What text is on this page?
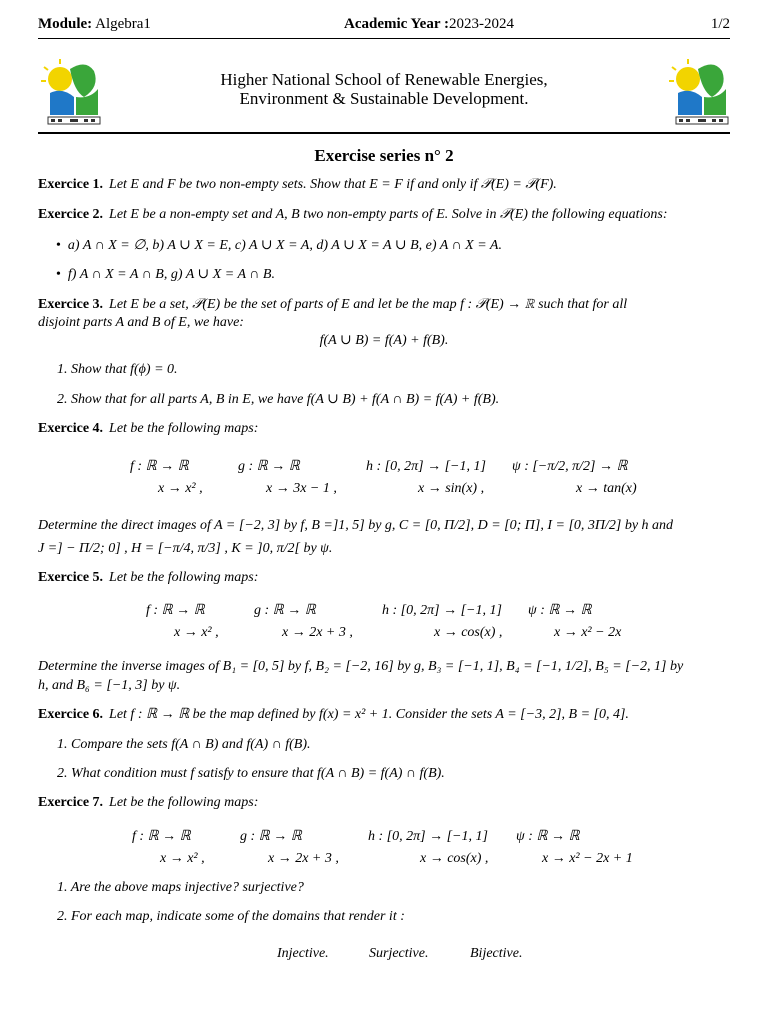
Module: Algebra1	Academic Year :2023-2024	1/2
Higher National School of Renewable Energies,
Environment & Sustainable Development.
Exercise series n° 2
Exercice 1. Let E and F be two non-empty sets. Show that E = F if and only if 𝒫(E) = 𝒫(F).
Exercice 2. Let E be a non-empty set and A, B two non-empty parts of E. Solve in 𝒫(E) the following equations:
•  a) A ∩ X = ∅, b) A ∪ X = E, c) A ∪ X = A, d) A ∪ X = A ∪ B, e) A ∩ X = A.
•  f) A ∩ X = A ∩ B, g) A ∪ X = A ∩ B.
Exercice 3. Let E be a set, 𝒫(E) be the set of parts of E and let be the map f : 𝒫(E) → ℝ such that for all
disjoint parts A and B of E, we have:
f(A ∪ B) = f(A) + f(B).
1. Show that f(ϕ) = 0.
2. Show that for all parts A, B in E, we have f(A ∪ B) + f(A ∩ B) = f(A) + f(B).
Exercice 4. Let be the following maps:
f : ℝ → ℝ
x → x² ,
g : ℝ → ℝ
x → 3x − 1 ,
h : [0, 2π] → [−1, 1]
x → sin(x) ,
ψ : [−π/2, π/2] → ℝ
x → tan(x)
Determine the direct images of A = [−2, 3] by f, B =]1, 5] by g, C = [0, Π/2], D = [0; Π], I = [0, 3Π/2] by h and
J =] − Π/2; 0] , H = [−π/4, π/3] , K = ]0, π/2[ by ψ.
Exercice 5. Let be the following maps:
f : ℝ → ℝ
x → x² ,
g : ℝ → ℝ
x → 2x + 3 ,
h : [0, 2π] → [−1, 1]
x → cos(x) ,
ψ : ℝ → ℝ
x → x² − 2x
Determine the inverse images of B₁ = [0, 5] by f, B₂ = [−2, 16] by g, B₃ = [−1, 1], B₄ = [−1, 1/2], B₅ = [−2, 1] by
h, and B₆ = [−1, 3] by ψ.
Exercice 6. Let f : ℝ → ℝ be the map defined by f(x) = x² + 1. Consider the sets A = [−3, 2], B = [0, 4].
1. Compare the sets f(A ∩ B) and f(A) ∩ f(B).
2. What condition must f satisfy to ensure that f(A ∩ B) = f(A) ∩ f(B).
Exercice 7. Let be the following maps:
f : ℝ → ℝ
x → x² ,
g : ℝ → ℝ
x → 2x + 3 ,
h : [0, 2π] → [−1, 1]
x → cos(x) ,
ψ : ℝ → ℝ
x → x² − 2x + 1
1. Are the above maps injective? surjective?
2. For each map, indicate some of the domains that render it :
Injective.	Surjective.	Bijective.
